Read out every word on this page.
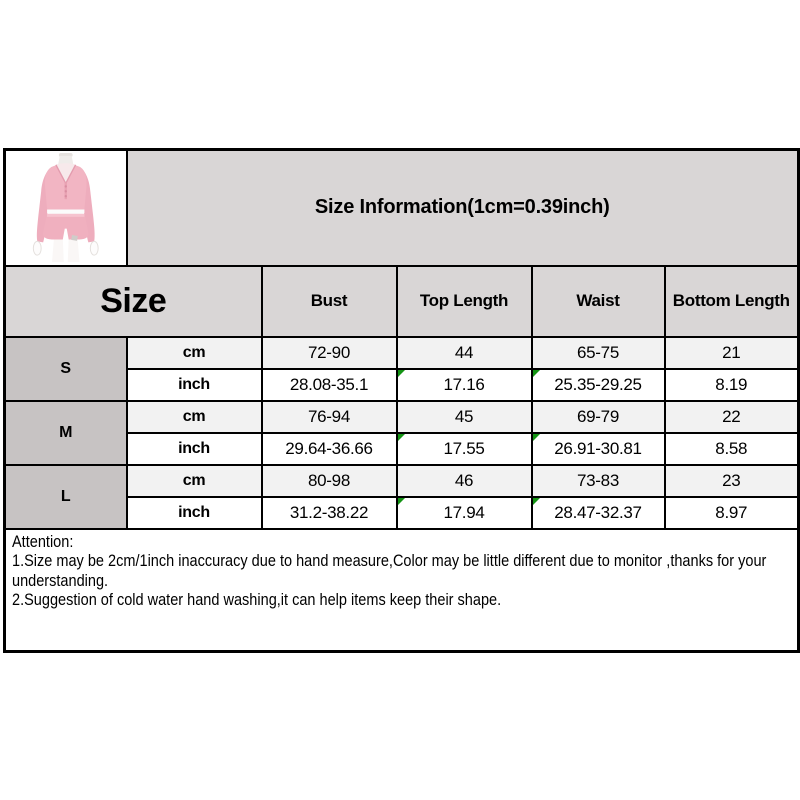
	Size Information(1cm=0.39inch)				
Size		Bust	Top Length	Waist	Bottom Length
S	cm	72-90	44	65-75	21
	inch	28.08-35.1	17.16	25.35-29.25	8.19
M	cm	76-94	45	69-79	22
	inch	29.64-36.66	17.55	26.91-30.81	8.58
L	cm	80-98	46	73-83	23
	inch	31.2-38.22	17.94	28.47-32.37	8.97

Attention:
1.Size may be 2cm/1inch inaccuracy due to hand measure,Color may be little different due to monitor ,thanks for your
understanding.
2.Suggestion of cold water hand washing,it can help items keep their shape.					
